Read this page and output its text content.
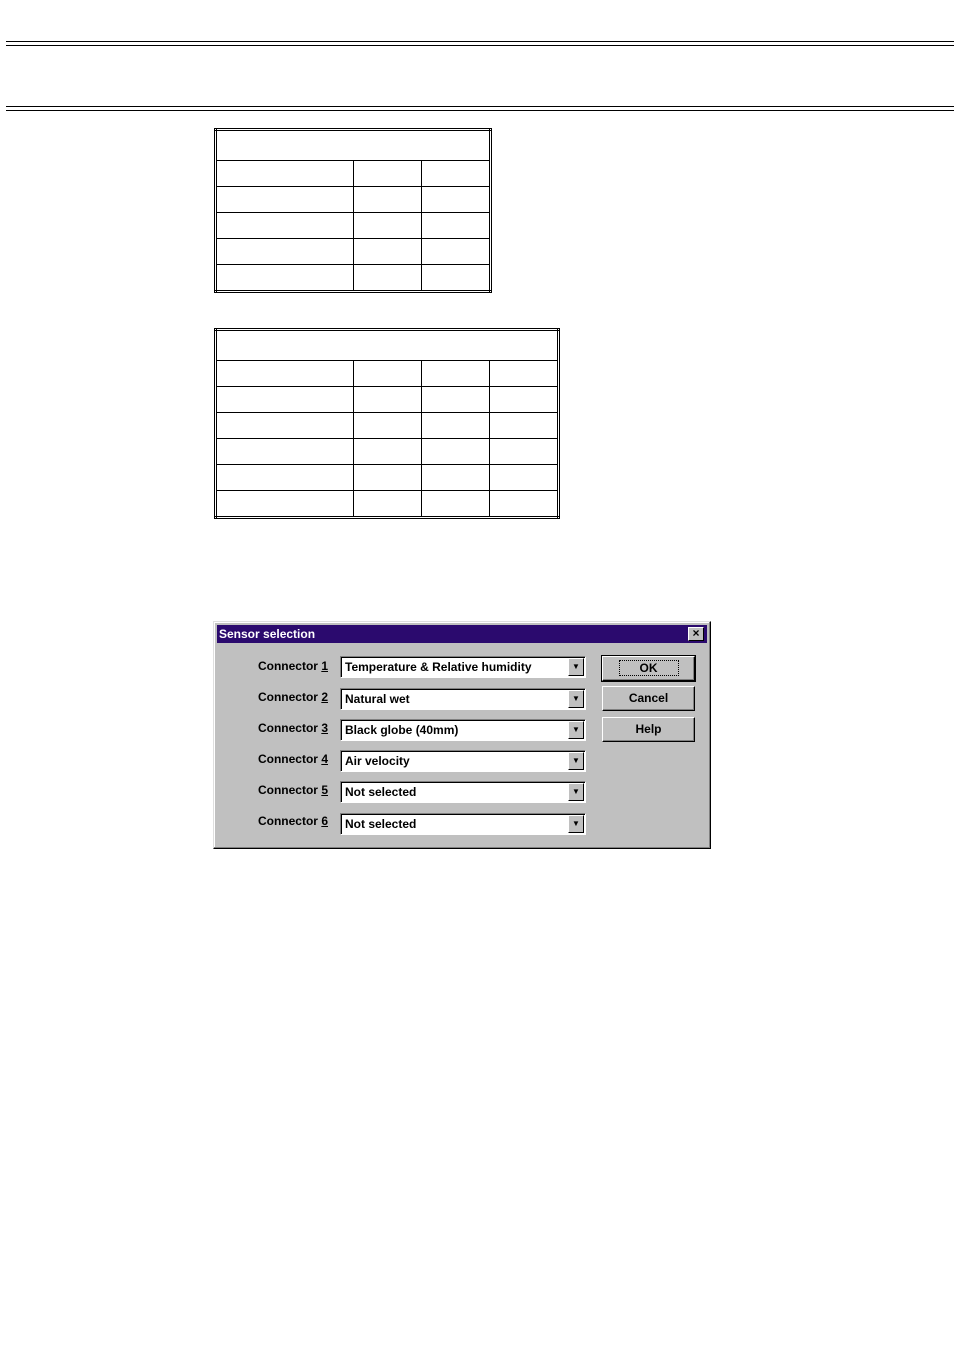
Sensor selection	×
Connector 1 Temperature & Relative humidity	▼
Connector 2 Natural wet	▼
Connector 3 Black globe (40mm)	▼
Connector 4 Air velocity	▼
Connector 5 Not selected	▼
Connector 6 Not selected	▼
OK
Cancel
Help
